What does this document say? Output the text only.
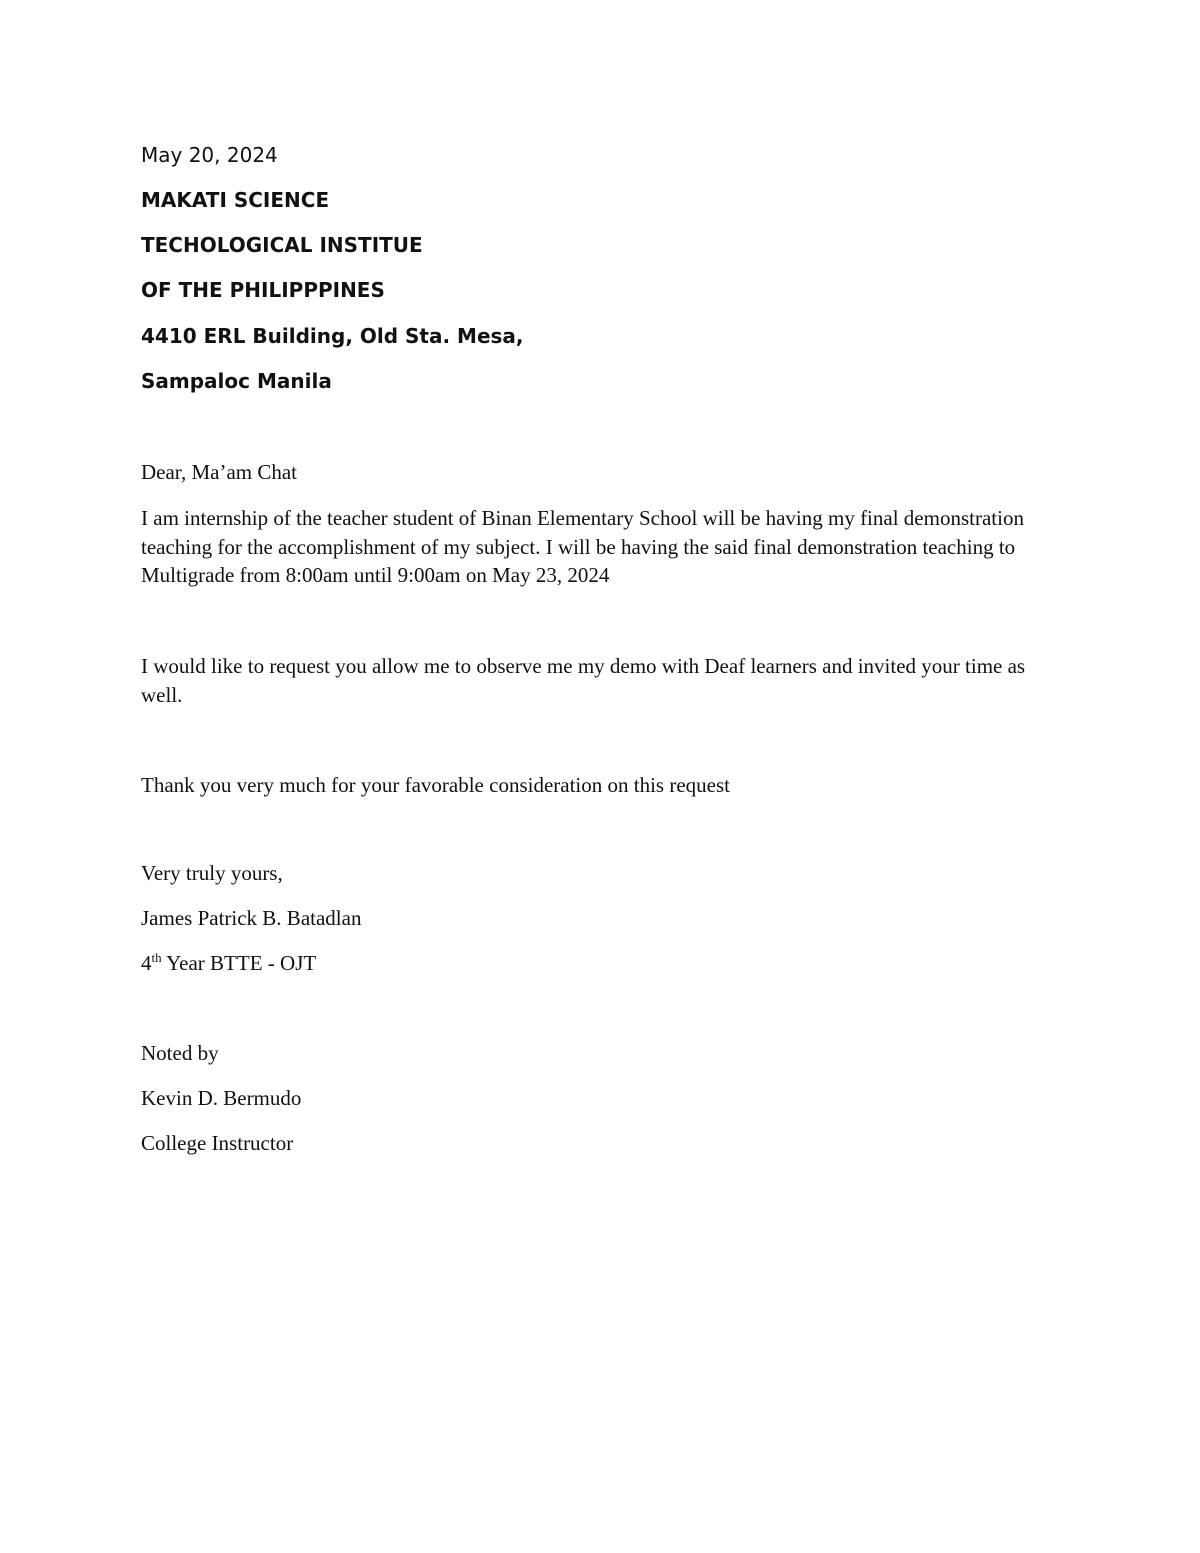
May 20, 2024

MAKATI SCIENCE

TECHOLOGICAL INSTITUE

OF THE PHILIPPPINES

4410 ERL Building, Old Sta. Mesa,

Sampaloc Manila

Dear, Ma’am Chat

I am internship of the teacher student of Binan Elementary School will be having my final demonstration teaching for the accomplishment of my subject. I will be having the said final demonstration teaching to Multigrade from 8:00am until 9:00am on May 23, 2024

I would like to request you allow me to observe me my demo with Deaf learners and invited your time as well.

Thank you very much for your favorable consideration on this request

Very truly yours,

James Patrick B. Batadlan

4th Year BTTE - OJT

Noted by

Kevin D. Bermudo

College Instructor
